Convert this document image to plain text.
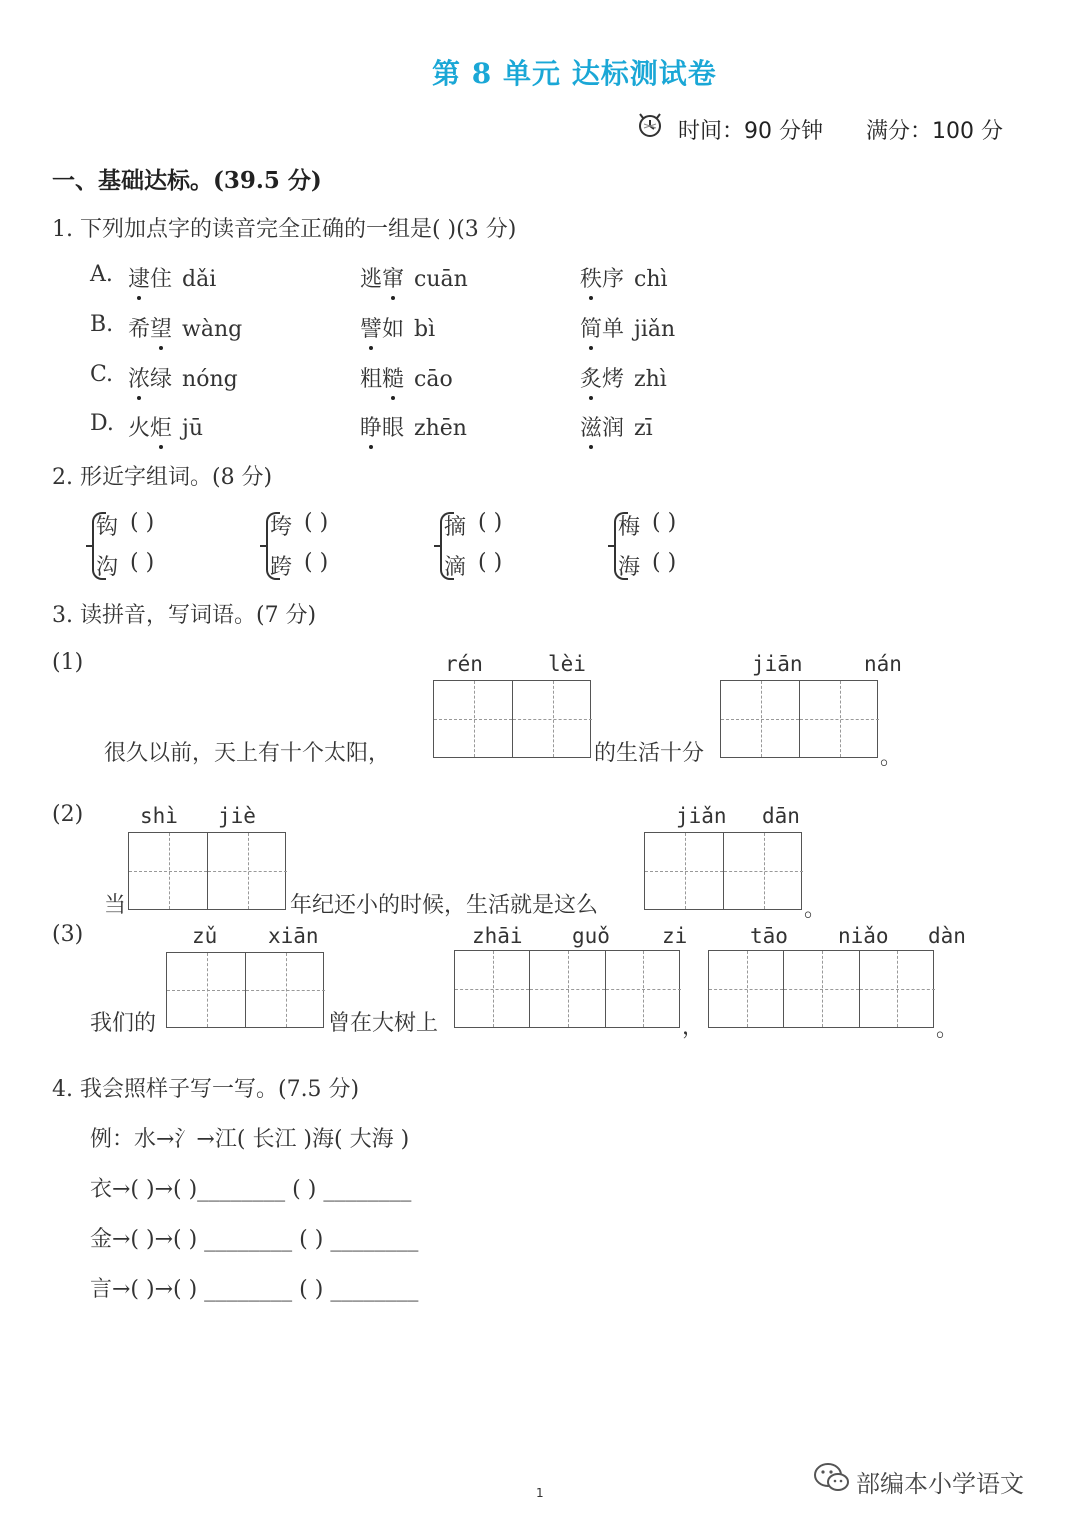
第 8 单元 达标测试卷
时间：90 分钟 满分：100 分
一、基础达标。(39.5 分)
1. 下列加点字的读音完全正确的一组是( )(3 分)
A. 逮住 dǎi	逃窜 cuān	秩序 chì
B. 希望 wàng	譬如 bì	简单 jiǎn
C. 浓绿 nóng	粗糙 cāo	炙烤 zhì
D. 火炬 jū	睁眼 zhēn	滋润 zī
2. 形近字组词。(8 分)
钩 ( )
沟 ( )
垮 ( )
跨 ( )
摘 ( )
滴 ( )
梅 ( )
海 ( )
3. 读拼音，写词语。(7 分)
(1)	rén	lèi	jiān	nán
很久以前，天上有十个太阳，	的生活十分	。
(2)	shì jiè	jiǎn dān
当	年纪还小的时候，生活就是这么	。
(3)	zǔ xiān	zhāi guǒ zi	tāo niǎo dàn
我们的	曾在大树上	，	。
4. 我会照样子写一写。(7.5 分)
例：水→氵→江( 长江 )海( 大海 )
衣→( )→( )________ ( ) ________
金→( )→( ) ________ ( ) ________
言→( )→( ) ________ ( ) ________
1	部编本小学语文
